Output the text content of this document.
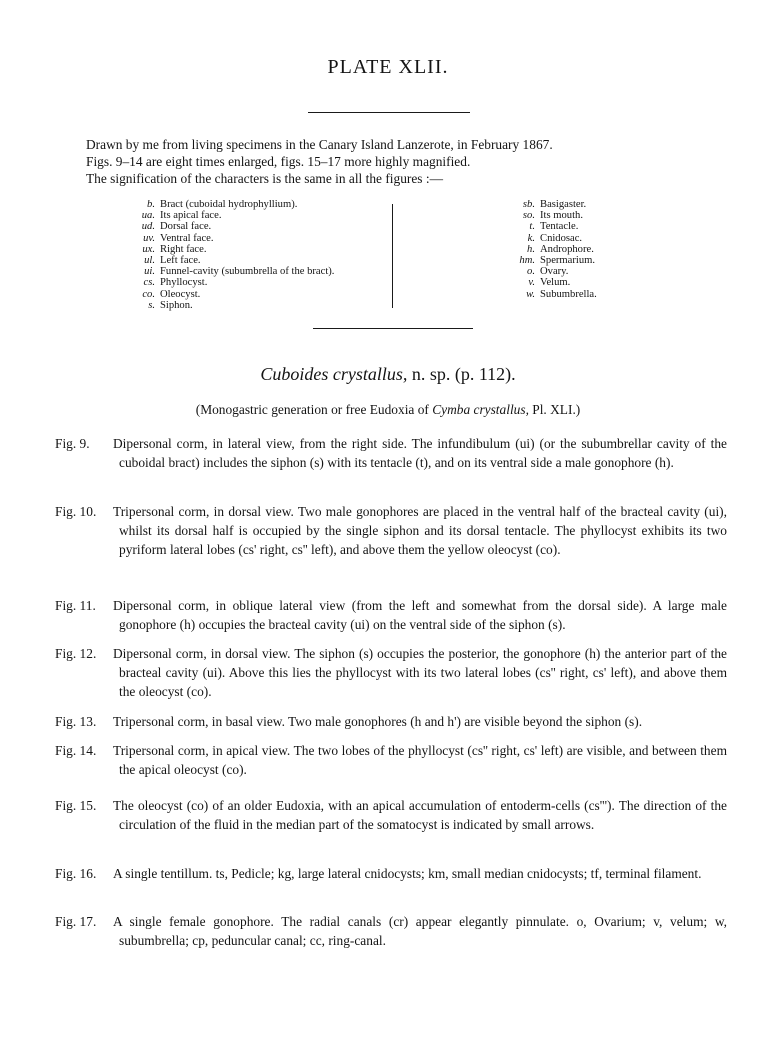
PLATE XLII.
Drawn by me from living specimens in the Canary Island Lanzerote, in February 1867.
Figs. 9–14 are eight times enlarged, figs. 15–17 more highly magnified.
The signification of the characters is the same in all the figures :—
b. Bract (cuboidal hydrophyllium).
ua. Its apical face.
ud. Dorsal face.
uv. Ventral face.
ux. Right face.
ul. Left face.
ui. Funnel-cavity (subumbrella of the bract).
cs. Phyllocyst.
co. Oleocyst.
s. Siphon.
sb. Basigaster.
so. Its mouth.
t. Tentacle.
k. Cnidosac.
h. Androphore.
hm. Spermarium.
o. Ovary.
v. Velum.
w. Subumbrella.
Cuboides crystallus, n. sp. (p. 112).
(Monogastric generation or free Eudoxia of Cymba crystallus, Pl. XLI.)
Fig. 9. Dipersonal corm, in lateral view, from the right side. The infundibulum (ui) (or the subumbrellar cavity of the cuboidal bract) includes the siphon (s) with its tentacle (t), and on its ventral side a male gonophore (h).
Fig. 10. Tripersonal corm, in dorsal view. Two male gonophores are placed in the ventral half of the bracteal cavity (ui), whilst its dorsal half is occupied by the single siphon and its dorsal tentacle. The phyllocyst exhibits its two pyriform lateral lobes (cs' right, cs'' left), and above them the yellow oleocyst (co).
Fig. 11. Dipersonal corm, in oblique lateral view (from the left and somewhat from the dorsal side). A large male gonophore (h) occupies the bracteal cavity (ui) on the ventral side of the siphon (s).
Fig. 12. Dipersonal corm, in dorsal view. The siphon (s) occupies the posterior, the gonophore (h) the anterior part of the bracteal cavity (ui). Above this lies the phyllocyst with its two lateral lobes (cs'' right, cs' left), and above them the oleocyst (co).
Fig. 13. Tripersonal corm, in basal view. Two male gonophores (h and h') are visible beyond the siphon (s).
Fig. 14. Tripersonal corm, in apical view. The two lobes of the phyllocyst (cs'' right, cs' left) are visible, and between them the apical oleocyst (co).
Fig. 15. The oleocyst (co) of an older Eudoxia, with an apical accumulation of entoderm-cells (cs'''). The direction of the circulation of the fluid in the median part of the somatocyst is indicated by small arrows.
Fig. 16. A single tentillum. ts, Pedicle; kg, large lateral cnidocysts; km, small median cnidocysts; tf, terminal filament.
Fig. 17. A single female gonophore. The radial canals (cr) appear elegantly pinnulate. o, Ovarium; v, velum; w, subumbrella; cp, peduncular canal; cc, ring-canal.
